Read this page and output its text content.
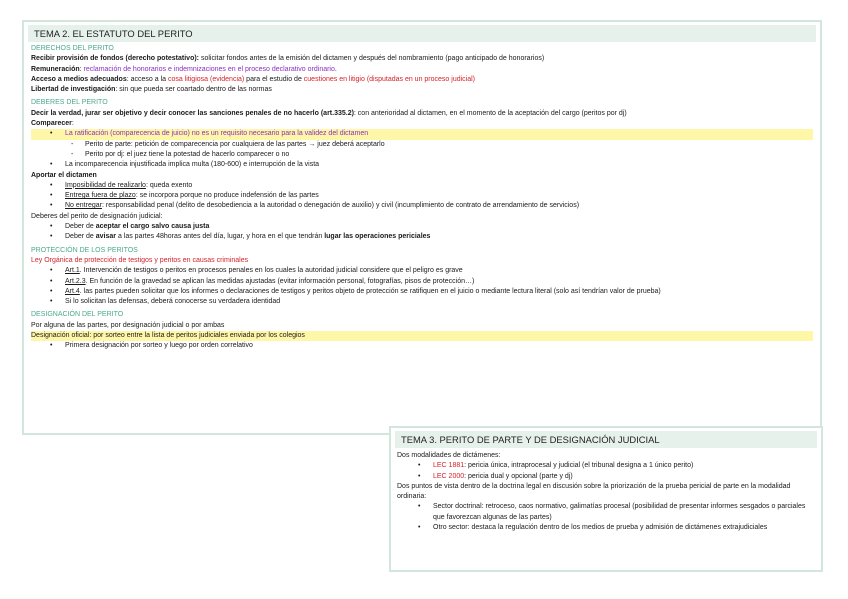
TEMA 2. EL ESTATUTO DEL PERITO
DERECHOS DEL PERITO
Recibir provisión de fondos (derecho potestativo): solicitar fondos antes de la emisión del dictamen y después del nombramiento (pago anticipado de honorarios)
Remuneración: reclamación de honorarios e indemnizaciones en el proceso declarativo ordinario.
Acceso a medios adecuados: acceso a la cosa litigiosa (evidencia) para el estudio de cuestiones en litigio (disputadas en un proceso judicial)
Libertad de investigación: sin que pueda ser coartado dentro de las normas
DEBERES DEL PERITO
Decir la verdad, jurar ser objetivo y decir conocer las sanciones penales de no hacerlo (art.335.2): con anterioridad al dictamen, en el momento de la aceptación del cargo (peritos por dj)
Comparecer:
• La ratificación (comparecencia de juicio) no es un requisito necesario para la validez del dictamen
- Perito de parte: petición de comparecencia por cualquiera de las partes → juez deberá aceptarlo
- Perito por dj: el juez tiene la potestad de hacerlo comparecer o no
• La incomparecencia injustificada implica multa (180-600) e interrupción de la vista
Aportar el dictamen
• Imposibilidad de realizarlo: queda exento
• Entrega fuera de plazo: se incorpora porque no produce indefensión de las partes
• No entregar: responsabilidad penal (delito de desobediencia a la autoridad o denegación de auxilio) y civil (incumplimiento de contrato de arrendamiento de servicios)
Deberes del perito de designación judicial:
• Deber de aceptar el cargo salvo causa justa
• Deber de avisar a las partes 48horas antes del día, lugar, y hora en el que tendrán lugar las operaciones periciales
PROTECCIÓN DE LOS PERITOS
Ley Orgánica de protección de testigos y peritos en causas criminales
• Art.1. Intervención de testigos o peritos en procesos penales en los cuales la autoridad judicial considere que el peligro es grave
• Art.2.3. En función de la gravedad se aplican las medidas ajustadas (evitar información personal, fotografías, pisos de protección…)
• Art.4. las partes pueden solicitar que los informes o declaraciones de testigos y peritos objeto de protección se ratifiquen en el juicio o mediante lectura literal (solo así tendrían valor de prueba)
• Si lo solicitan las defensas, deberá conocerse su verdadera identidad
DESIGNACIÓN DEL PERITO
Por alguna de las partes, por designación judicial o por ambas
Designación oficial: por sorteo entre la lista de peritos judiciales enviada por los colegios
• Primera designación por sorteo y luego por orden correlativo
TEMA 3. PERITO DE PARTE Y DE DESIGNACIÓN JUDICIAL
Dos modalidades de dictámenes:
• LEC 1881: pericia única, intraprocesal y judicial (el tribunal designa a 1 único perito)
• LEC 2000: pericia dual y opcional (parte y dj)
Dos puntos de vista dentro de la doctrina legal en discusión sobre la priorización de la prueba pericial de parte en la modalidad ordinaria:
• Sector doctrinal: retroceso, caos normativo, galimatías procesal (posibilidad de presentar informes sesgados o parciales que favorezcan algunas de las partes)
• Otro sector: destaca la regulación dentro de los medios de prueba y admisión de dictámenes extrajudiciales
